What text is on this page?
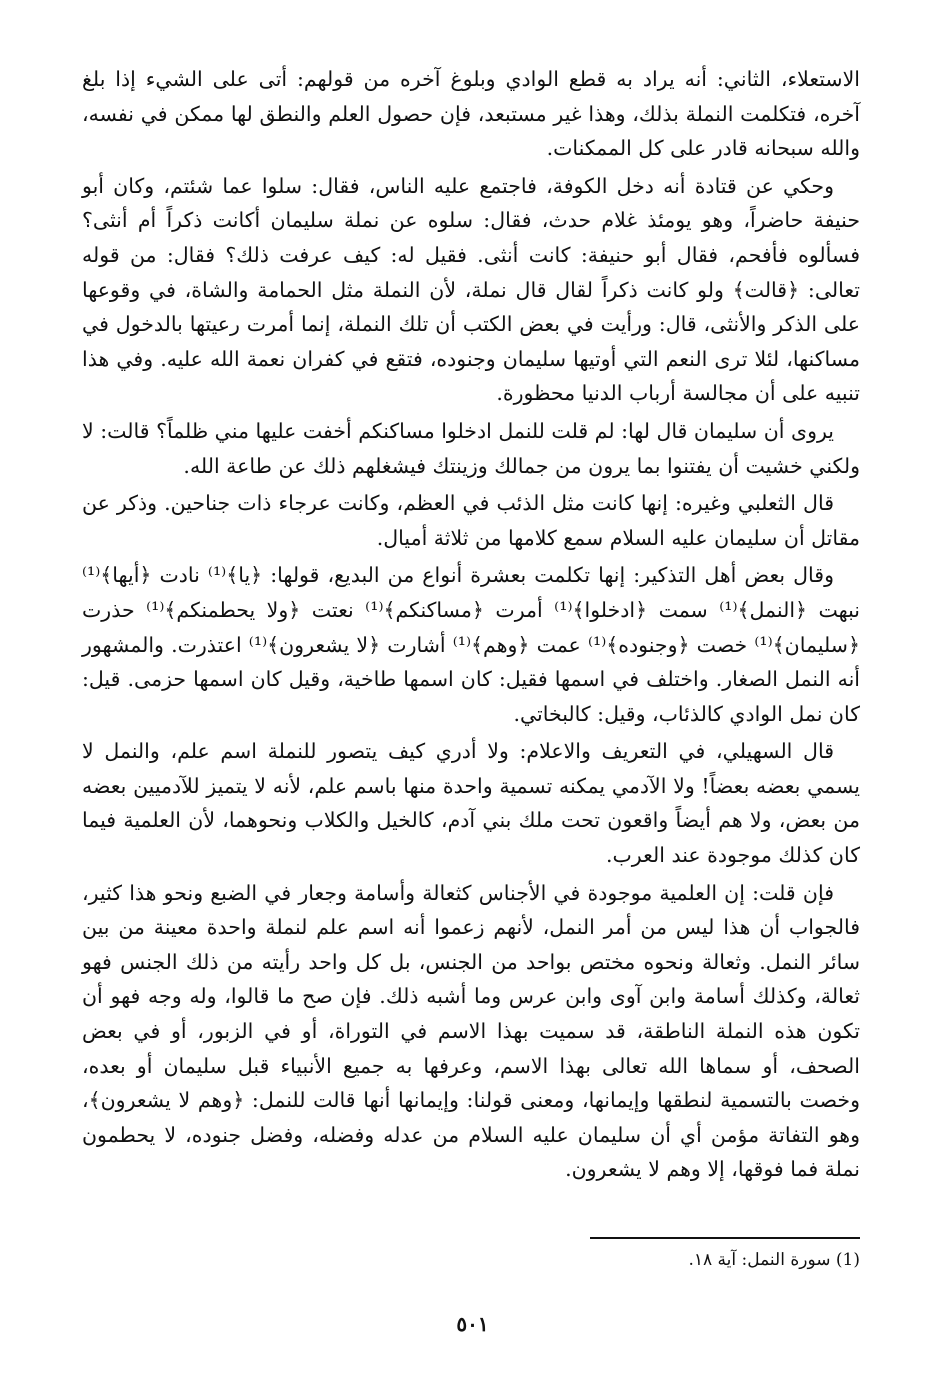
الاستعلاء، الثاني: أنه يراد به قطع الوادي وبلوغ آخره من قولهم: أتى على الشيء إذا بلغ آخره، فتكلمت النملة بذلك، وهذا غير مستبعد، فإن حصول العلم والنطق لها ممكن في نفسه، والله سبحانه قادر على كل الممكنات.

وحكي عن قتادة أنه دخل الكوفة، فاجتمع عليه الناس، فقال: سلوا عما شئتم، وكان أبو حنيفة حاضراً، وهو يومئذ غلام حدث، فقال: سلوه عن نملة سليمان أكانت ذكراً أم أنثى؟ فسألوه فأفحم، فقال أبو حنيفة: كانت أنثى. فقيل له: كيف عرفت ذلك؟ فقال: من قوله تعالى: ﴿قالت﴾ ولو كانت ذكراً لقال قال نملة، لأن النملة مثل الحمامة والشاة، في وقوعها على الذكر والأنثى، قال: ورأيت في بعض الكتب أن تلك النملة، إنما أمرت رعيتها بالدخول في مساكنها، لئلا ترى النعم التي أوتيها سليمان وجنوده، فتقع في كفران نعمة الله عليه. وفي هذا تنبيه على أن مجالسة أرباب الدنيا محظورة.

يروى أن سليمان قال لها: لم قلت للنمل ادخلوا مساكنكم أخفت عليها مني ظلماً؟ قالت: لا ولكني خشيت أن يفتنوا بما يرون من جمالك وزينتك فيشغلهم ذلك عن طاعة الله.

قال الثعلبي وغيره: إنها كانت مثل الذئب في العظم، وكانت عرجاء ذات جناحين. وذكر عن مقاتل أن سليمان عليه السلام سمع كلامها من ثلاثة أميال.

وقال بعض أهل التذكير: إنها تكلمت بعشرة أنواع من البديع، قولها: ﴿يا﴾⁽¹⁾ نادت ﴿أيها﴾⁽¹⁾ نبهت ﴿النمل﴾⁽¹⁾ سمت ﴿ادخلوا﴾⁽¹⁾ أمرت ﴿مساكنكم﴾⁽¹⁾ نعتت ﴿ولا يحطمنكم﴾⁽¹⁾ حذرت ﴿سليمان﴾⁽¹⁾ خصت ﴿وجنوده﴾⁽¹⁾ عمت ﴿وهم﴾⁽¹⁾ أشارت ﴿لا يشعرون﴾⁽¹⁾ اعتذرت. والمشهور أنه النمل الصغار. واختلف في اسمها فقيل: كان اسمها طاخية، وقيل كان اسمها حزمى. قيل: كان نمل الوادي كالذئاب، وقيل: كالبخاتي.

قال السهيلي، في التعريف والاعلام: ولا أدري كيف يتصور للنملة اسم علم، والنمل لا يسمي بعضه بعضاً! ولا الآدمي يمكنه تسمية واحدة منها باسم علم، لأنه لا يتميز للآدميين بعضه من بعض، ولا هم أيضاً واقعون تحت ملك بني آدم، كالخيل والكلاب ونحوهما، لأن العلمية فيما كان كذلك موجودة عند العرب.

فإن قلت: إن العلمية موجودة في الأجناس كثعالة وأسامة وجعار في الضبع ونحو هذا كثير، فالجواب أن هذا ليس من أمر النمل، لأنهم زعموا أنه اسم علم لنملة واحدة معينة من بين سائر النمل. وثعالة ونحوه مختص بواحد من الجنس، بل كل واحد رأيته من ذلك الجنس فهو ثعالة، وكذلك أسامة وابن آوى وابن عرس وما أشبه ذلك. فإن صح ما قالوا، وله وجه فهو أن تكون هذه النملة الناطقة، قد سميت بهذا الاسم في التوراة، أو في الزبور، أو في بعض الصحف، أو سماها الله تعالى بهذا الاسم، وعرفها به جميع الأنبياء قبل سليمان أو بعده، وخصت بالتسمية لنطقها وإيمانها، ومعنى قولنا: وإيمانها أنها قالت للنمل: ﴿وهم لا يشعرون﴾، وهو التفاتة مؤمن أي أن سليمان عليه السلام من عدله وفضله، وفضل جنوده، لا يحطمون نملة فما فوقها، إلا وهم لا يشعرون.

(1) سورة النمل: آية ١٨.
٥٠١
